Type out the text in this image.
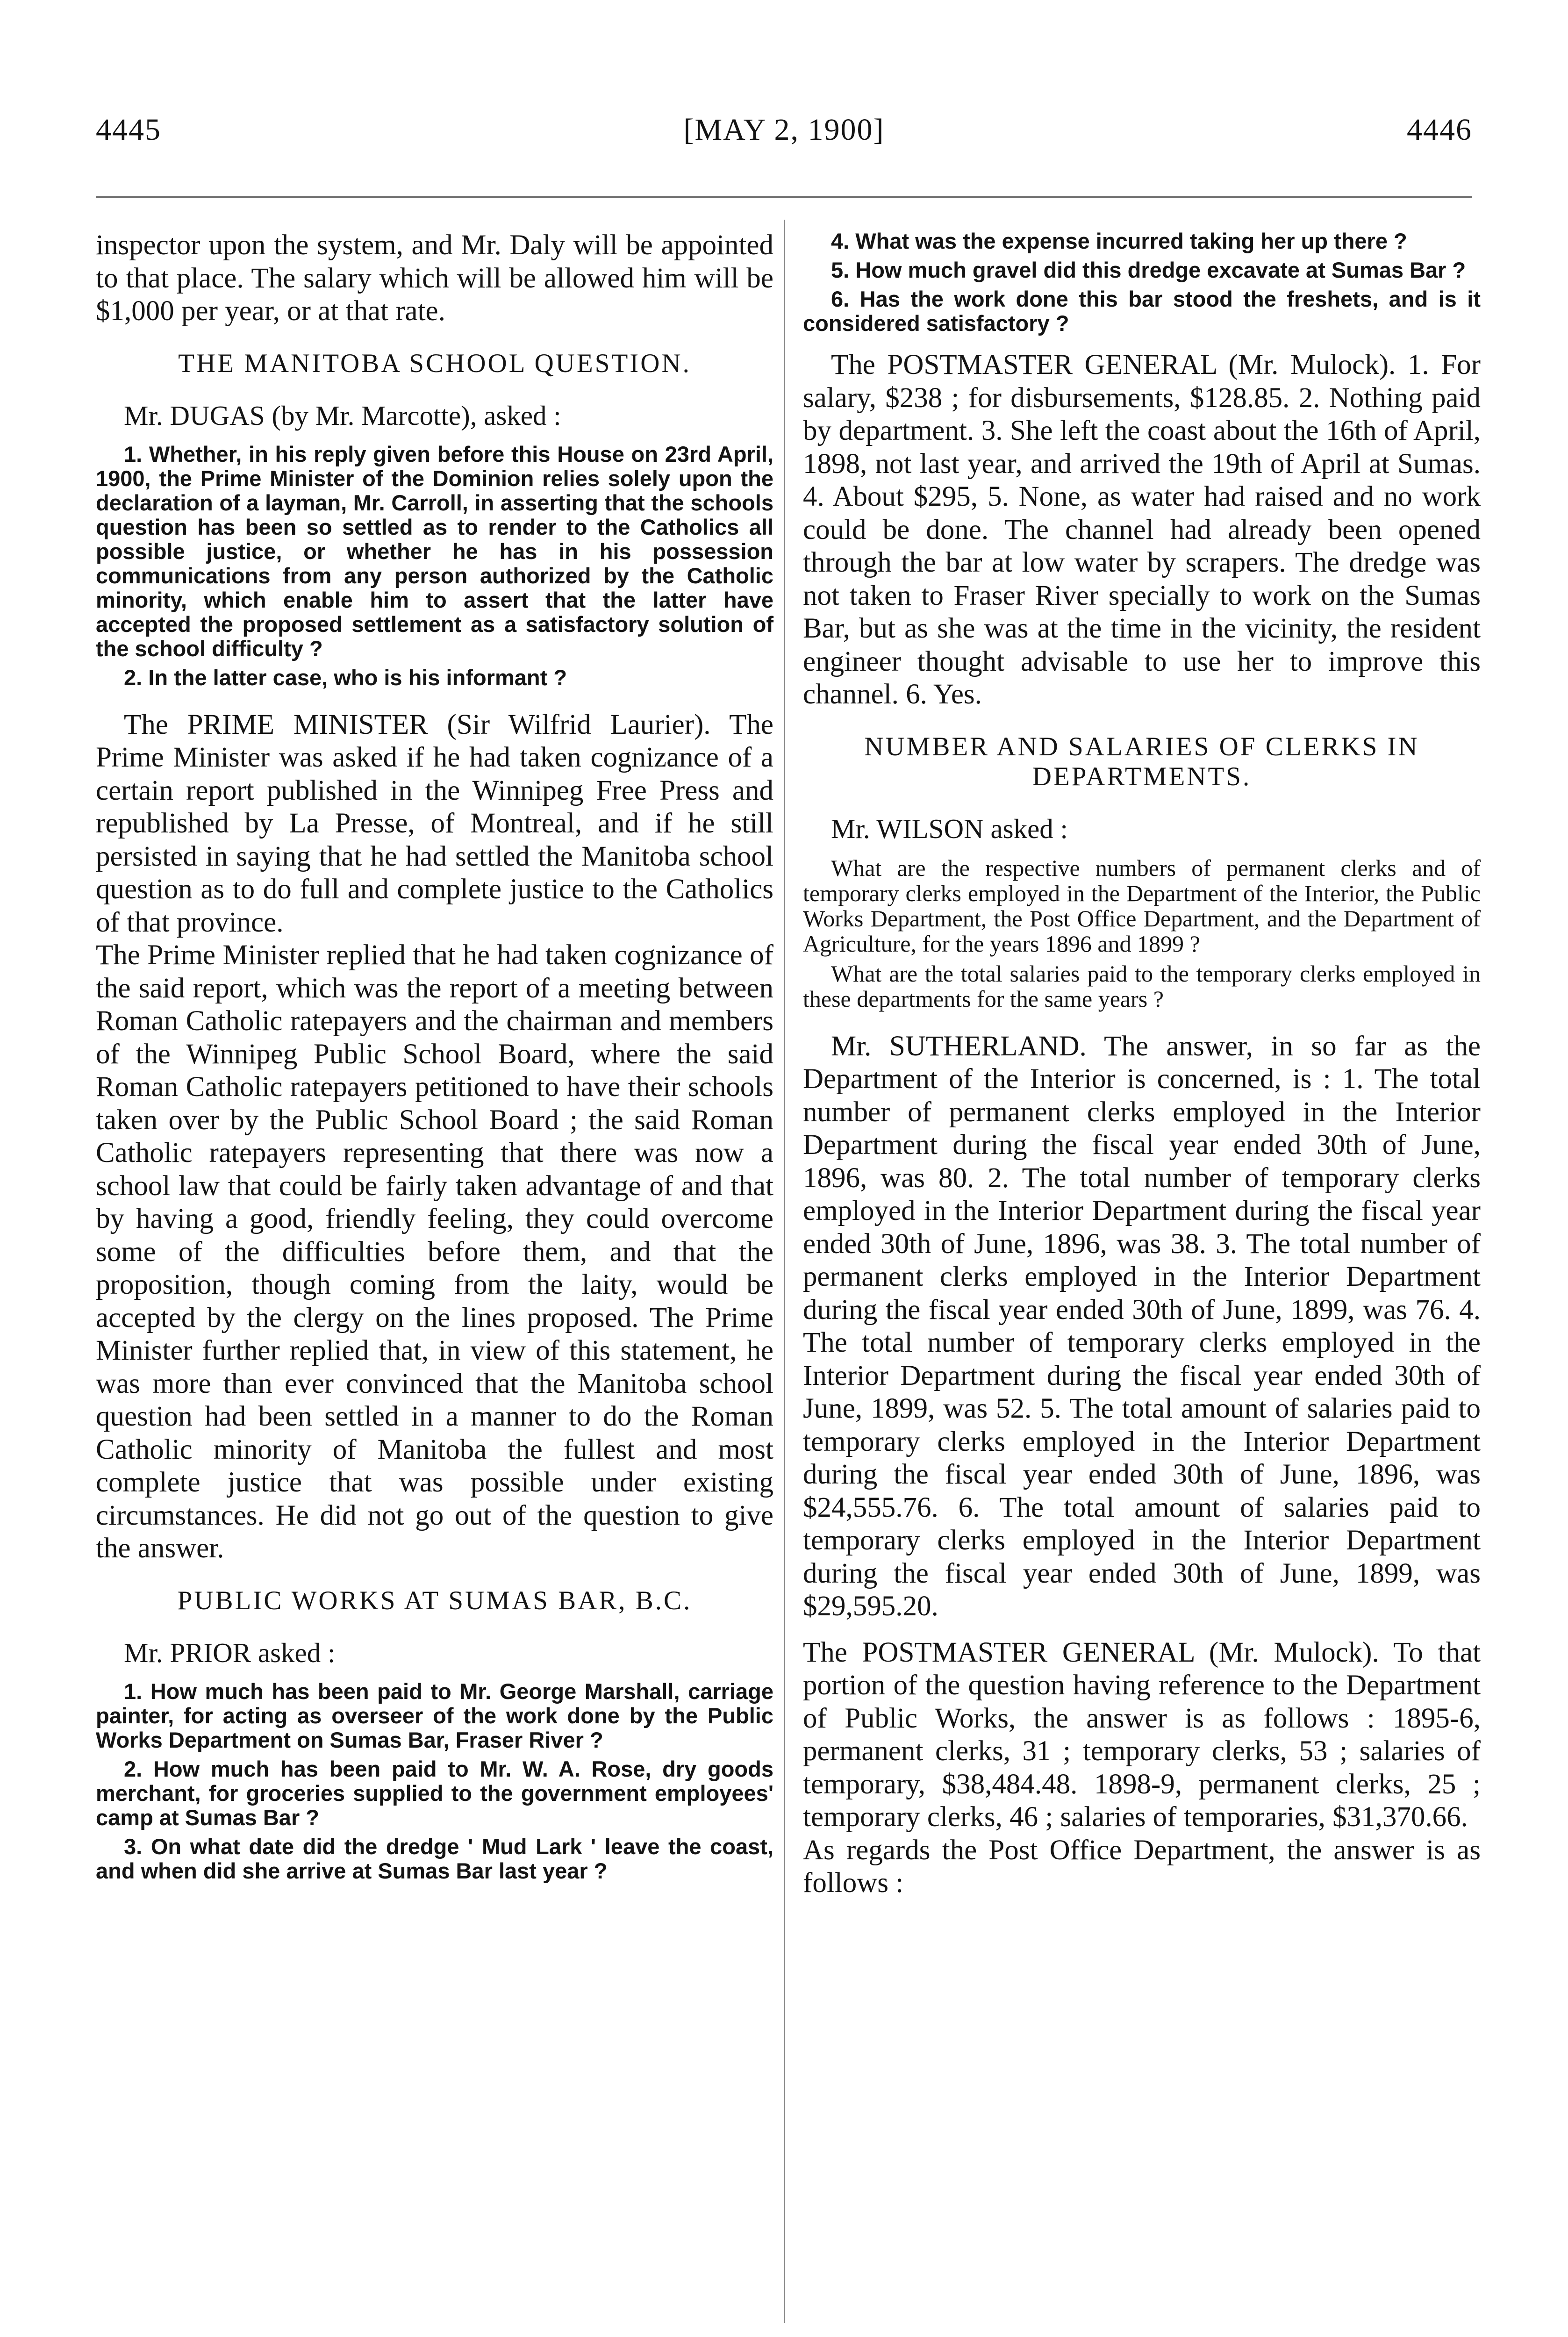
4445	[MAY 2, 1900]	4446

inspector upon the system, and Mr. Daly will be appointed to that place. The salary which will be allowed him will be $1,000 per year, or at that rate.

THE MANITOBA SCHOOL QUESTION.

Mr. DUGAS (by Mr. Marcotte), asked :

1. Whether, in his reply given before this House on 23rd April, 1900, the Prime Minister of the Dominion relies solely upon the declaration of a layman, Mr. Carroll, in asserting that the schools question has been so settled as to render to the Catholics all possible justice, or whether he has in his possession communications from any person authorized by the Catholic minority, which enable him to assert that the latter have accepted the proposed settlement as a satisfactory solution of the school difficulty ?

2. In the latter case, who is his informant ?

The PRIME MINISTER (Sir Wilfrid Laurier). The Prime Minister was asked if he had taken cognizance of a certain report published in the Winnipeg Free Press and republished by La Presse, of Montreal, and if he still persisted in saying that he had settled the Manitoba school question as to do full and complete justice to the Catholics of that province.

The Prime Minister replied that he had taken cognizance of the said report, which was the report of a meeting between Roman Catholic ratepayers and the chairman and members of the Winnipeg Public School Board, where the said Roman Catholic ratepayers petitioned to have their schools taken over by the Public School Board ; the said Roman Catholic ratepayers representing that there was now a school law that could be fairly taken advantage of and that by having a good, friendly feeling, they could overcome some of the difficulties before them, and that the proposition, though coming from the laity, would be accepted by the clergy on the lines proposed. The Prime Minister further replied that, in view of this statement, he was more than ever convinced that the Manitoba school question had been settled in a manner to do the Roman Catholic minority of Manitoba the fullest and most complete justice that was possible under existing circumstances. He did not go out of the question to give the answer.

PUBLIC WORKS AT SUMAS BAR, B.C.

Mr. PRIOR asked :

1. How much has been paid to Mr. George Marshall, carriage painter, for acting as overseer of the work done by the Public Works Department on Sumas Bar, Fraser River ?

2. How much has been paid to Mr. W. A. Rose, dry goods merchant, for groceries supplied to the government employees' camp at Sumas Bar ?

3. On what date did the dredge ' Mud Lark ' leave the coast, and when did she arrive at Sumas Bar last year ?

4. What was the expense incurred taking her up there ?

5. How much gravel did this dredge excavate at Sumas Bar ?

6. Has the work done this bar stood the freshets, and is it considered satisfactory ?

The POSTMASTER GENERAL (Mr. Mulock). 1. For salary, $238 ; for disbursements, $128.85. 2. Nothing paid by department. 3. She left the coast about the 16th of April, 1898, not last year, and arrived the 19th of April at Sumas. 4. About $295, 5. None, as water had raised and no work could be done. The channel had already been opened through the bar at low water by scrapers. The dredge was not taken to Fraser River specially to work on the Sumas Bar, but as she was at the time in the vicinity, the resident engineer thought advisable to use her to improve this channel. 6. Yes.

NUMBER AND SALARIES OF CLERKS IN DEPARTMENTS.

Mr. WILSON asked :

What are the respective numbers of permanent clerks and of temporary clerks employed in the Department of the Interior, the Public Works Department, the Post Office Department, and the Department of Agriculture, for the years 1896 and 1899 ?

What are the total salaries paid to the temporary clerks employed in these departments for the same years ?

Mr. SUTHERLAND. The answer, in so far as the Department of the Interior is concerned, is : 1. The total number of permanent clerks employed in the Interior Department during the fiscal year ended 30th of June, 1896, was 80. 2. The total number of temporary clerks employed in the Interior Department during the fiscal year ended 30th of June, 1896, was 38. 3. The total number of permanent clerks employed in the Interior Department during the fiscal year ended 30th of June, 1899, was 76. 4. The total number of temporary clerks employed in the Interior Department during the fiscal year ended 30th of June, 1899, was 52. 5. The total amount of salaries paid to temporary clerks employed in the Interior Department during the fiscal year ended 30th of June, 1896, was $24,555.76. 6. The total amount of salaries paid to temporary clerks employed in the Interior Department during the fiscal year ended 30th of June, 1899, was $29,595.20.

The POSTMASTER GENERAL (Mr. Mulock). To that portion of the question having reference to the Department of Public Works, the answer is as follows : 1895-6, permanent clerks, 31 ; temporary clerks, 53 ; salaries of temporary, $38,484.48. 1898-9, permanent clerks, 25 ; temporary clerks, 46 ; salaries of temporaries, $31,370.66.

As regards the Post Office Department, the answer is as follows :
